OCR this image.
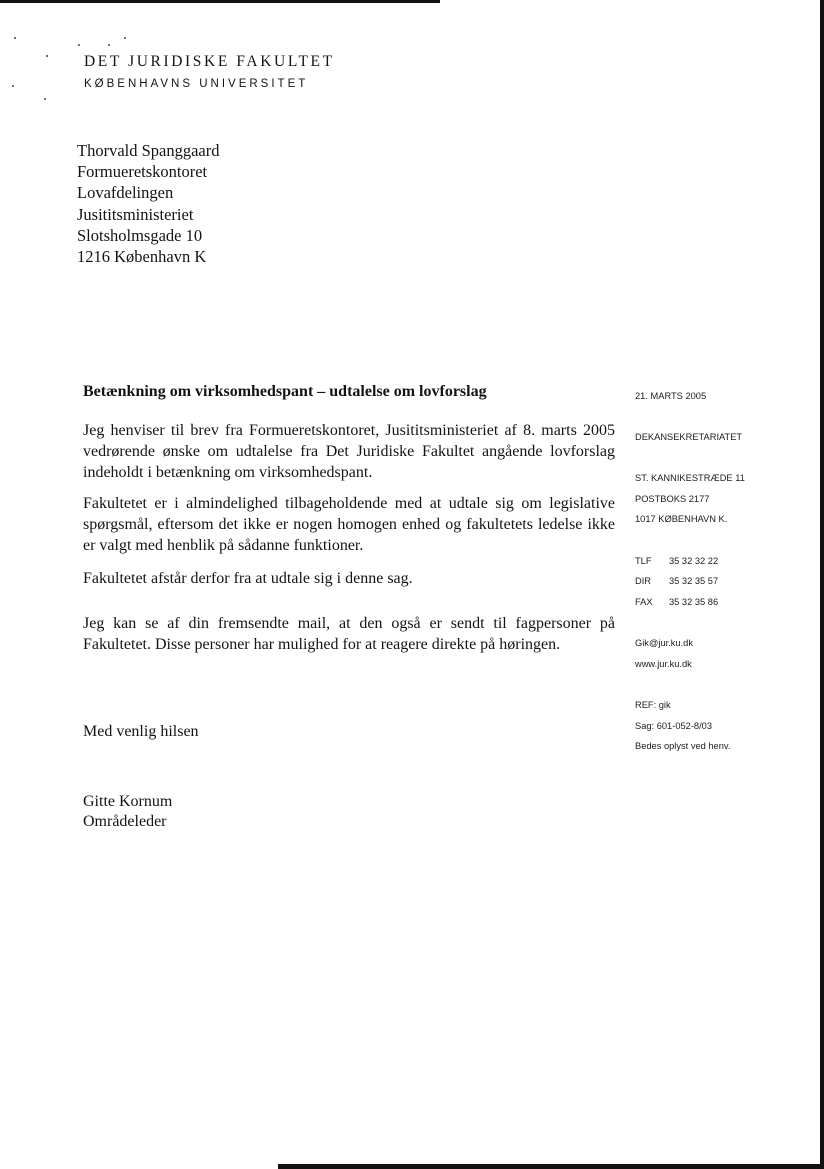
DET JURIDISKE FAKULTET
KØBENHAVNS UNIVERSITET
Thorvald Spanggaard
Formueretskontoret
Lovafdelingen
Jusititsministeriet
Slotsholmsgade 10
1216 København K
Betænkning om virksomhedspant – udtalelse om lovforslag

Jeg henviser til brev fra Formueretskontoret, Jusititsministeriet af 8. marts 2005 vedrørende ønske om udtalelse fra Det Juridiske Fakultet angående lovforslag indeholdt i betænkning om virksomhedspant.

Fakultetet er i almindelighed tilbageholdende med at udtale sig om legislative spørgsmål, eftersom det ikke er nogen homogen enhed og fakultetets ledelse ikke er valgt med henblik på sådanne funktioner.

Fakultetet afstår derfor fra at udtale sig i denne sag.

Jeg kan se af din fremsendte mail, at den også er sendt til fagpersoner på Fakultetet. Disse personer har mulighed for at reagere direkte på høringen.

Med venlig hilsen
Gitte Kornum
Områdeleder
21. MARTS 2005
DEKANSEKRETARIATET
ST. KANNIKESTRÆDE 11
POSTBOKS 2177
1017 KØBENHAVN K.
TLF 35 32 32 22
DIR 35 32 35 57
FAX 35 32 35 86
Gik@jur.ku.dk
www.jur.ku.dk
REF: gik
Sag: 601-052-8/03
Bedes oplyst ved henv.
